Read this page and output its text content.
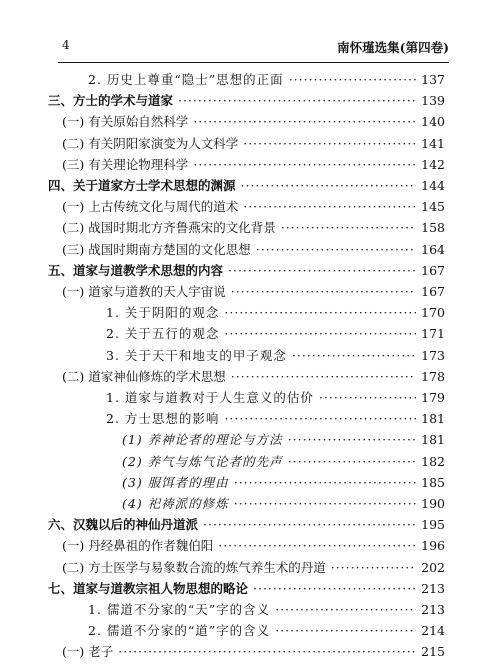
4	南怀瑾选集(第四卷)
2. 历史上尊重“隐士”思想的正面 ·····	137
三、方士的学术与道家 ·····	139
(一) 有关原始自然科学 ·····	140
(二) 有关阴阳家演变为人文科学 ·····	141
(三) 有关理论物理科学 ·····	142
四、关于道家方士学术思想的渊源 ·····	144
(一) 上古传统文化与周代的道术 ·····	145
(二) 战国时期北方齐鲁燕宋的文化背景 ·····	158
(三) 战国时期南方楚国的文化思想 ·····	164
五、道家与道教学术思想的内容 ·····	167
(一) 道家与道教的天人宇宙说 ·····	167
1. 关于阴阳的观念 ·····	170
2. 关于五行的观念 ·····	171
3. 关于天干和地支的甲子观念 ·····	173
(二) 道家神仙修炼的学术思想 ·····	178
1. 道家与道教对于人生意义的估价 ·····	179
2. 方士思想的影响 ·····	181
(1) 养神论者的理论与方法 ·····	181
(2) 养气与炼气论者的先声 ·····	182
(3) 服饵者的理由 ·····	185
(4) 祀祷派的修炼 ·····	190
六、汉魏以后的神仙丹道派 ·····	195
(一) 丹经鼻祖的作者魏伯阳 ·····	196
(二) 方士医学与易象数合流的炼气养生术的丹道 ·····	202
七、道家与道教宗祖人物思想的略论 ·····	213
1. 儒道不分家的“天”字的含义 ·····	213
2. 儒道不分家的“道”字的含义 ·····	214
(一) 老子 ·····	215
